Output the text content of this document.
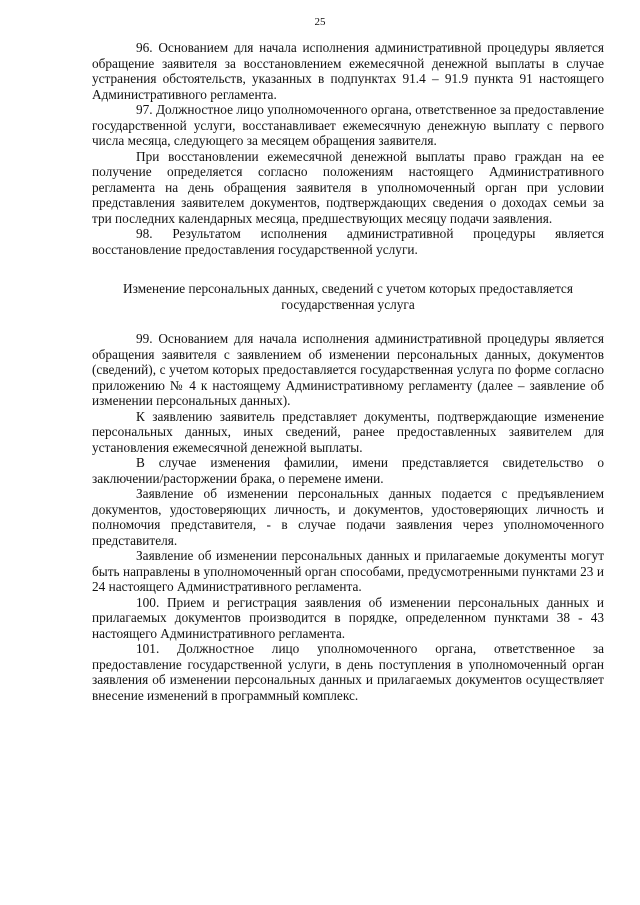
25

96. Основанием для начала исполнения административной процедуры является обращение заявителя за восстановлением ежемесячной денежной выплаты в случае устранения обстоятельств, указанных в подпунктах 91.4 – 91.9 пункта 91 настоящего Административного регламента.

97. Должностное лицо уполномоченного органа, ответственное за предоставление государственной услуги, восстанавливает ежемесячную денежную выплату с первого числа месяца, следующего за месяцем обращения заявителя.

При восстановлении ежемесячной денежной выплаты право граждан на ее получение определяется согласно положениям настоящего Административного регламента на день обращения заявителя в уполномоченный орган при условии представления заявителем документов, подтверждающих сведения о доходах семьи за три последних календарных месяца, предшествующих месяцу подачи заявления.

98. Результатом исполнения административной процедуры является восстановление предоставления государственной услуги.

Изменение персональных данных, сведений с учетом которых предоставляется государственная услуга

99. Основанием для начала исполнения административной процедуры является обращения заявителя с заявлением об изменении персональных данных, документов (сведений), с учетом которых предоставляется государственная услуга по форме согласно приложению № 4 к настоящему Административному регламенту (далее – заявление об изменении персональных данных).

К заявлению заявитель представляет документы, подтверждающие изменение персональных данных, иных сведений, ранее предоставленных заявителем для установления ежемесячной денежной выплаты.

В случае изменения фамилии, имени представляется свидетельство о заключении/расторжении брака, о перемене имени.

Заявление об изменении персональных данных подается с предъявлением документов, удостоверяющих личность, и документов, удостоверяющих личность и полномочия представителя, - в случае подачи заявления через уполномоченного представителя.

Заявление об изменении персональных данных и прилагаемые документы могут быть направлены в уполномоченный орган способами, предусмотренными пунктами 23 и 24 настоящего Административного регламента.

100. Прием и регистрация заявления об изменении персональных данных и прилагаемых документов производится в порядке, определенном пунктами 38 - 43 настоящего Административного регламента.

101. Должностное лицо уполномоченного органа, ответственное за предоставление государственной услуги, в день поступления в уполномоченный орган заявления об изменении персональных данных и прилагаемых документов осуществляет внесение изменений в программный комплекс.
